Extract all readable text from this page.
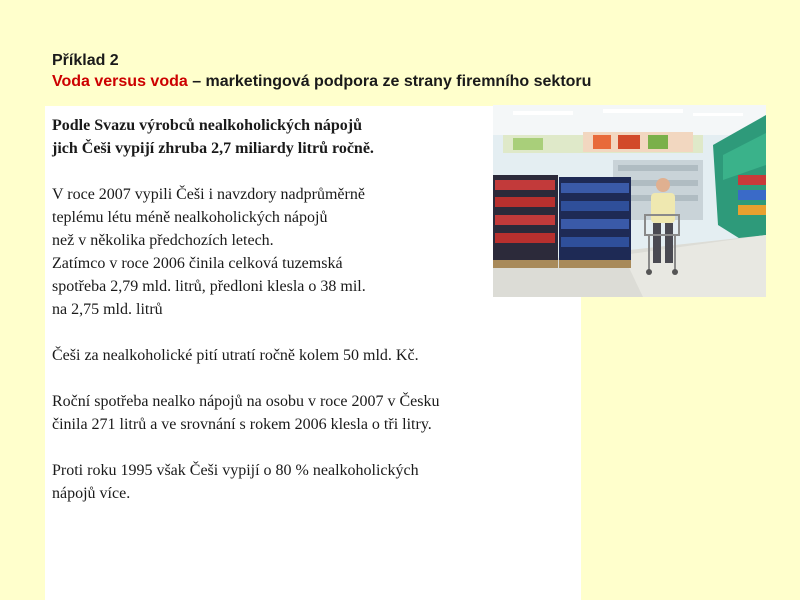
Příklad 2
Voda versus voda – marketingová podpora ze strany firemního sektoru

Podle Svazu výrobců nealkoholických nápojů

jich Češi vypijí zhruba 2,7 miliardy litrů ročně.

V roce 2007 vypili Češi i navzdory nadprůměrně

teplému létu méně nealkoholických nápojů

než v několika předchozích letech.

Zatímco v roce 2006 činila celková tuzemská

spotřeba 2,79 mld. litrů, předloni klesla o 38 mil.

na 2,75 mld. litrů

Češi za nealkoholické pití utratí ročně kolem 50 mld. Kč.

Roční spotřeba nealko nápojů na osobu v roce 2007 v Česku

činila 271 litrů a ve srovnání s rokem 2006 klesla o tři litry.

Proti roku 1995 však Češi vypijí o 80 % nealkoholických

nápojů více.
